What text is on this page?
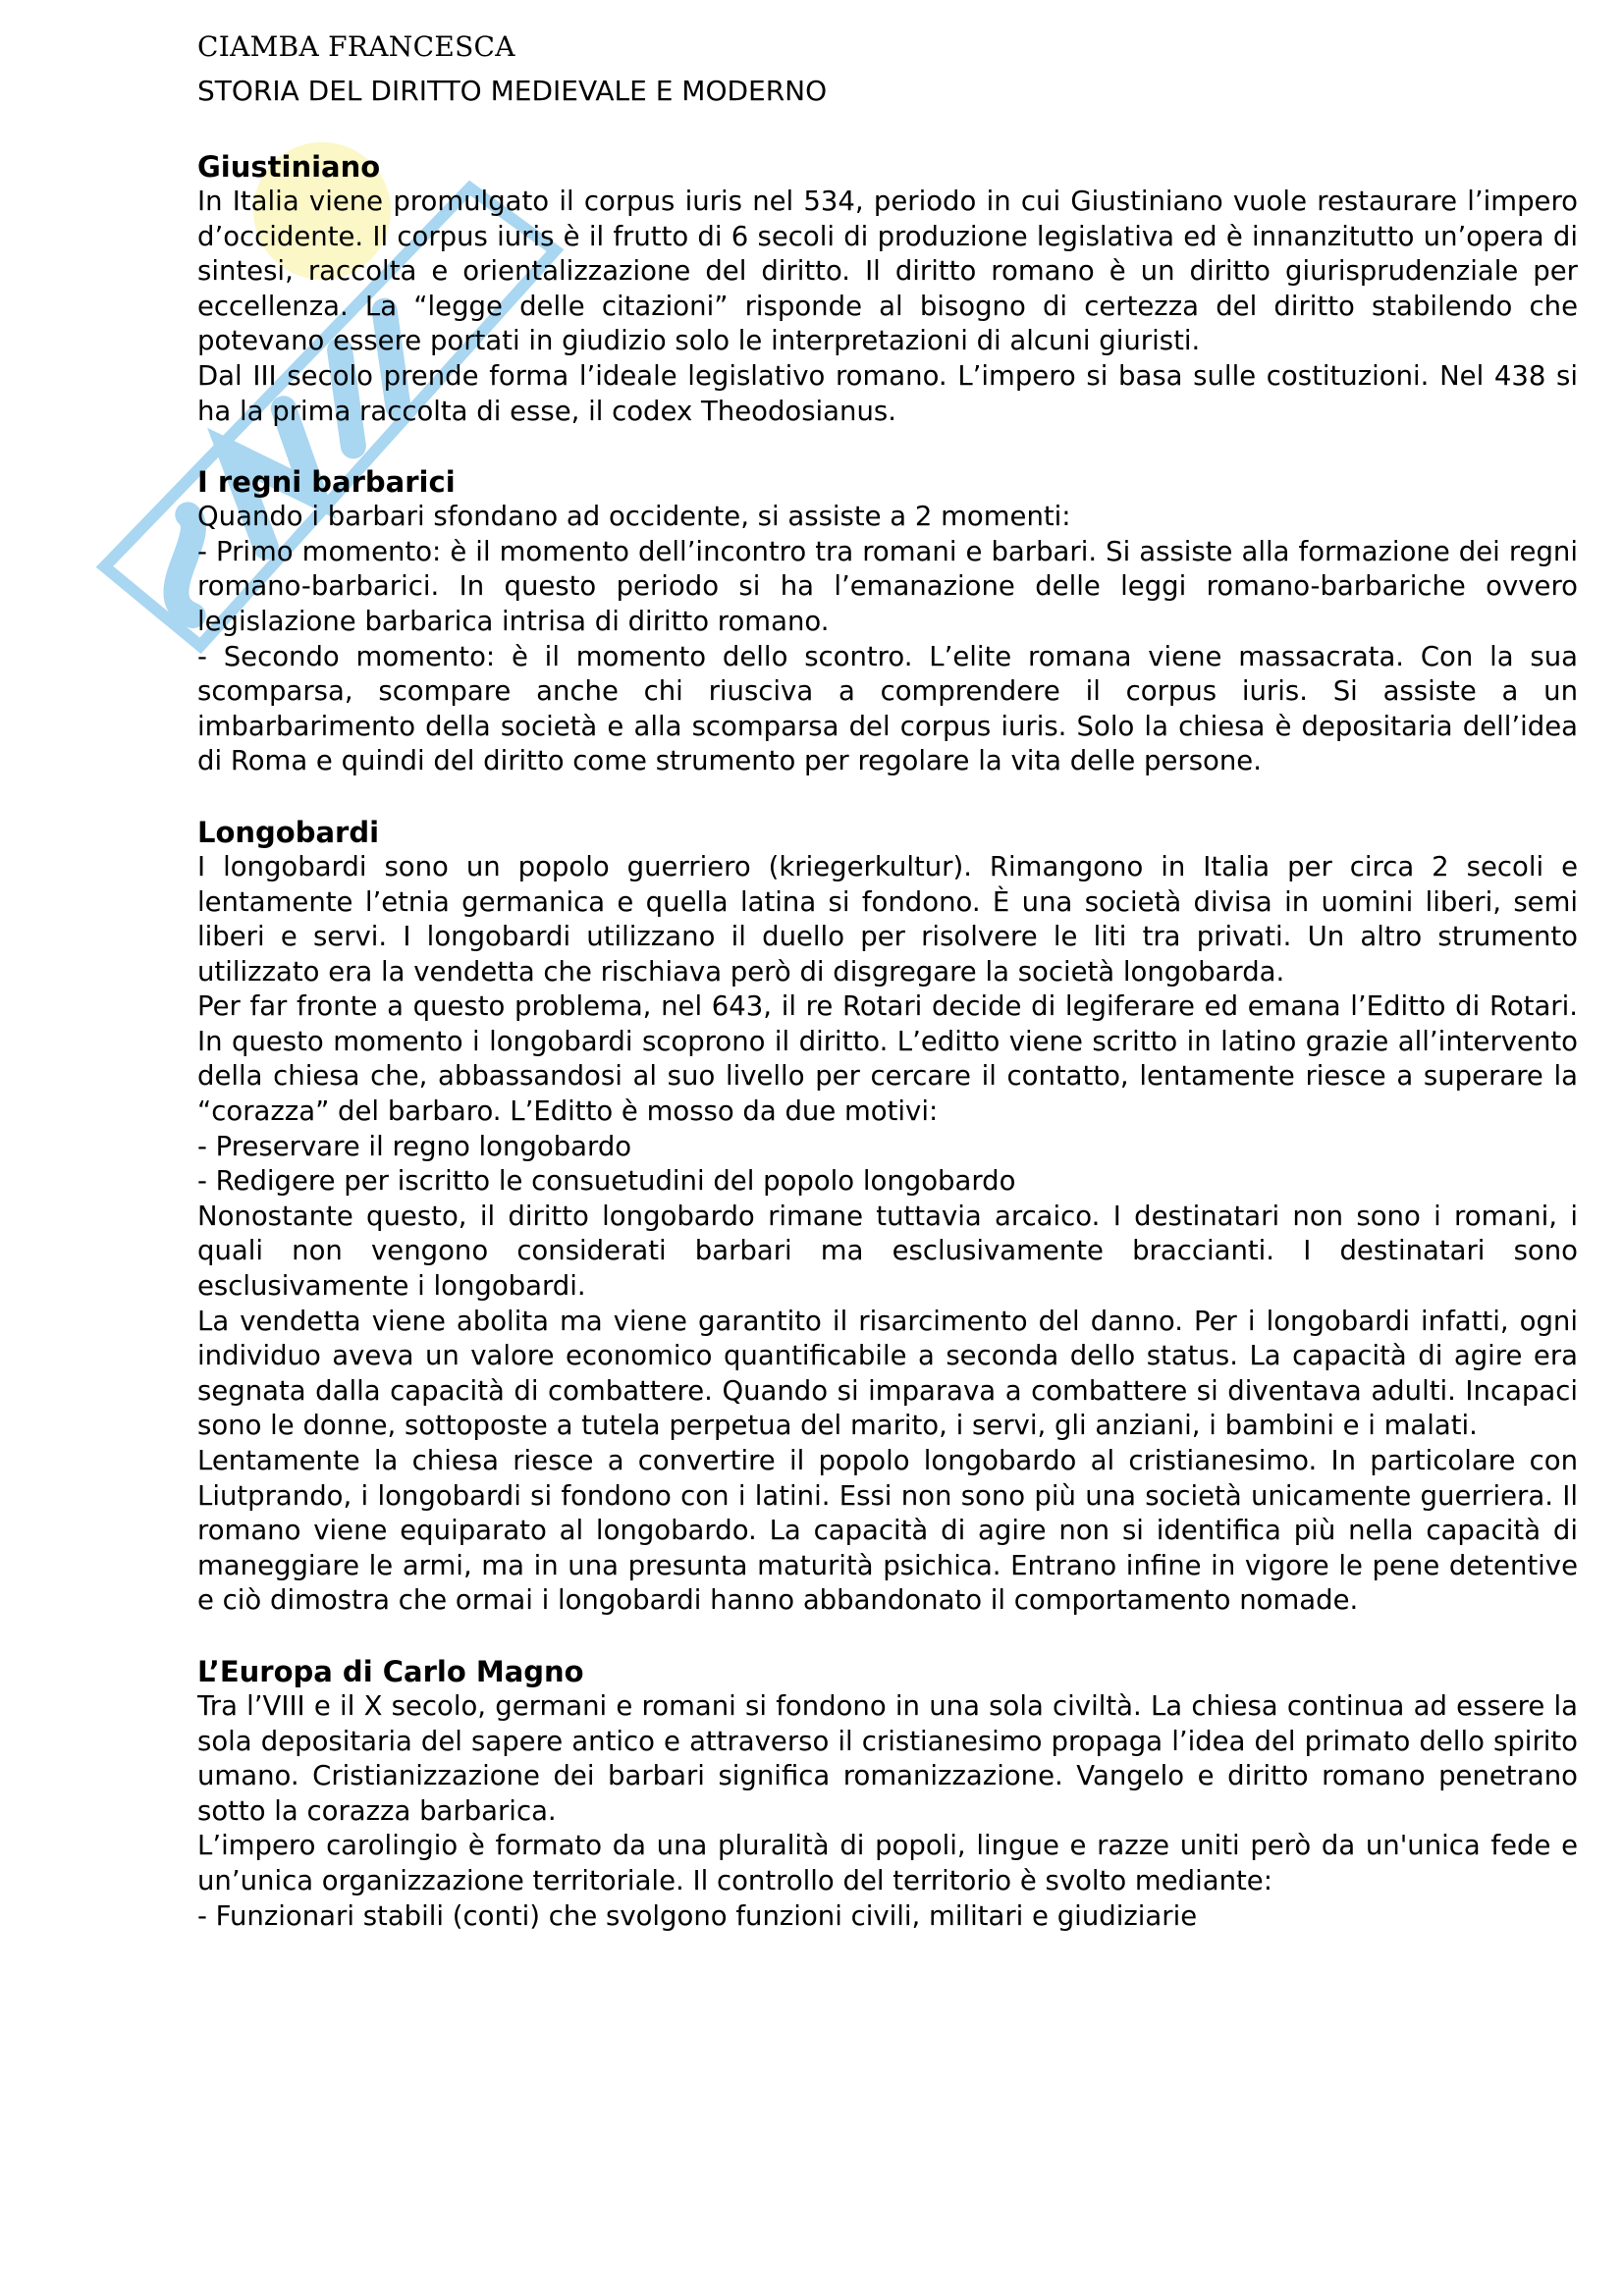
CIAMBA FRANCESCA
STORIA DEL DIRITTO MEDIEVALE E MODERNO
Giustiniano

In Italia viene promulgato il corpus iuris nel 534, periodo in cui Giustiniano vuole restaurare l’impero d’occidente. Il corpus iuris è il frutto di 6 secoli di produzione legislativa ed è innanzitutto un’opera di sintesi, raccolta e orientalizzazione del diritto. Il diritto romano è un diritto giurisprudenziale per eccellenza. La “legge delle citazioni” risponde al bisogno di certezza del diritto stabilendo che potevano essere portati in giudizio solo le interpretazioni di alcuni giuristi.

Dal III secolo prende forma l’ideale legislativo romano. L’impero si basa sulle costituzioni. Nel 438 si ha la prima raccolta di esse, il codex Theodosianus.

I regni barbarici

Quando i barbari sfondano ad occidente, si assiste a 2 momenti:

- Primo momento: è il momento dell’incontro tra romani e barbari. Si assiste alla formazione dei regni romano-barbarici. In questo periodo si ha l’emanazione delle leggi romano-barbariche ovvero legislazione barbarica intrisa di diritto romano.

- Secondo momento: è il momento dello scontro. L’elite romana viene massacrata. Con la sua scomparsa, scompare anche chi riusciva a comprendere il corpus iuris. Si assiste a un imbarbarimento della società e alla scomparsa del corpus iuris. Solo la chiesa è depositaria dell’idea di Roma e quindi del diritto come strumento per regolare la vita delle persone.

Longobardi

I longobardi sono un popolo guerriero (kriegerkultur). Rimangono in Italia per circa 2 secoli e lentamente l’etnia germanica e quella latina si fondono. È una società divisa in uomini liberi, semi liberi e servi. I longobardi utilizzano il duello per risolvere le liti tra privati. Un altro strumento utilizzato era la vendetta che rischiava però di disgregare la società longobarda.

Per far fronte a questo problema, nel 643, il re Rotari decide di legiferare ed emana l’Editto di Rotari. In questo momento i longobardi scoprono il diritto. L’editto viene scritto in latino grazie all’intervento della chiesa che, abbassandosi al suo livello per cercare il contatto, lentamente riesce a superare la “corazza” del barbaro. L’Editto è mosso da due motivi:

- Preservare il regno longobardo

- Redigere per iscritto le consuetudini del popolo longobardo

Nonostante questo, il diritto longobardo rimane tuttavia arcaico. I destinatari non sono i romani, i quali non vengono considerati barbari ma esclusivamente braccianti. I destinatari sono esclusivamente i longobardi.

La vendetta viene abolita ma viene garantito il risarcimento del danno. Per i longobardi infatti, ogni individuo aveva un valore economico quantificabile a seconda dello status. La capacità di agire era segnata dalla capacità di combattere. Quando si imparava a combattere si diventava adulti. Incapaci sono le donne, sottoposte a tutela perpetua del marito, i servi, gli anziani, i bambini e i malati.

Lentamente la chiesa riesce a convertire il popolo longobardo al cristianesimo. In particolare con Liutprando, i longobardi si fondono con i latini. Essi non sono più una società unicamente guerriera. Il romano viene equiparato al longobardo. La capacità di agire non si identifica più nella capacità di maneggiare le armi, ma in una presunta maturità psichica. Entrano infine in vigore le pene detentive e ciò dimostra che ormai i longobardi hanno abbandonato il comportamento nomade.

L’Europa di Carlo Magno

Tra l’VIII e il X secolo, germani e romani si fondono in una sola civiltà. La chiesa continua ad essere la sola depositaria del sapere antico e attraverso il cristianesimo propaga l’idea del primato dello spirito umano. Cristianizzazione dei barbari significa romanizzazione. Vangelo e diritto romano penetrano sotto la corazza barbarica.

L’impero carolingio è formato da una pluralità di popoli, lingue e razze uniti però da un'unica fede e un’unica organizzazione territoriale. Il controllo del territorio è svolto mediante:

- Funzionari stabili (conti) che svolgono funzioni civili, militari e giudiziarie
